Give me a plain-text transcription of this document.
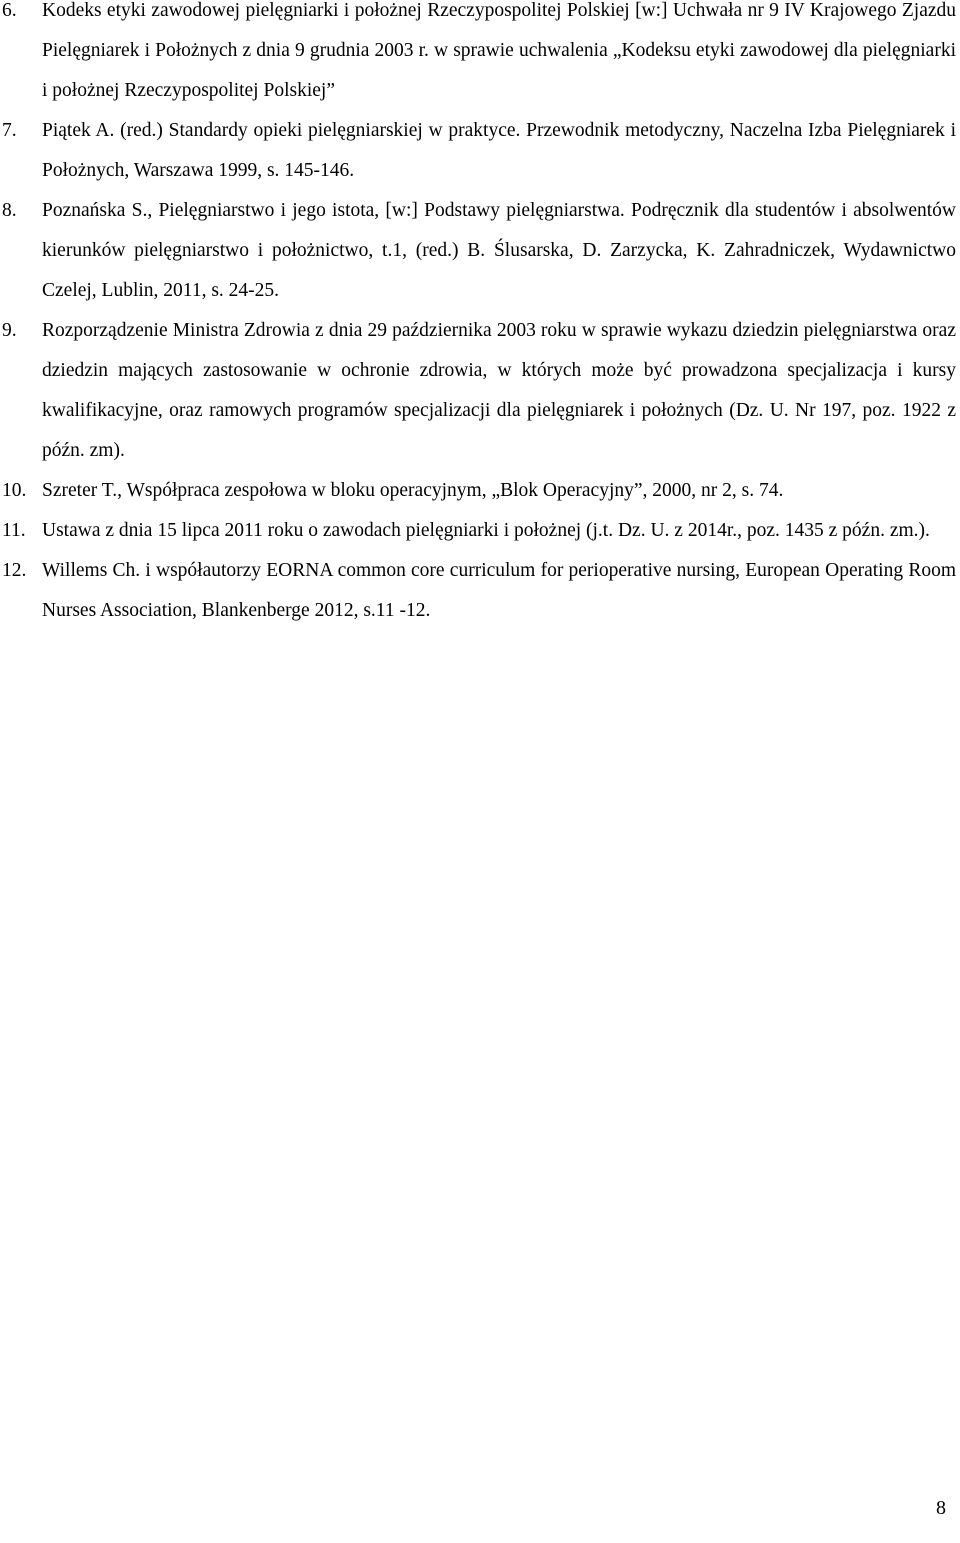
6. Kodeks etyki zawodowej pielęgniarki i położnej Rzeczypospolitej Polskiej [w:] Uchwała nr 9 IV Krajowego Zjazdu Pielęgniarek i Położnych z dnia 9 grudnia 2003 r. w sprawie uchwalenia „Kodeksu etyki zawodowej dla pielęgniarki i położnej Rzeczypospolitej Polskiej”
7. Piątek A. (red.) Standardy opieki pielęgniarskiej w praktyce. Przewodnik metodyczny, Naczelna Izba Pielęgniarek i Położnych, Warszawa 1999, s. 145-146.
8. Poznańska S., Pielęgniarstwo i jego istota, [w:] Podstawy pielęgniarstwa. Podręcznik dla studentów i absolwentów kierunków pielęgniarstwo i położnictwo, t.1, (red.) B. Ślusarska, D. Zarzycka, K. Zahradniczek, Wydawnictwo Czelej, Lublin, 2011, s. 24-25.
9. Rozporządzenie Ministra Zdrowia z dnia 29 października 2003 roku w sprawie wykazu dziedzin pielęgniarstwa oraz dziedzin mających zastosowanie w ochronie zdrowia, w których może być prowadzona specjalizacja i kursy kwalifikacyjne, oraz ramowych programów specjalizacji dla pielęgniarek i położnych (Dz. U. Nr 197, poz. 1922 z późn. zm).
10. Szreter T., Współpraca zespołowa w bloku operacyjnym, „Blok Operacyjny”, 2000, nr 2, s. 74.
11. Ustawa z dnia 15 lipca 2011 roku o zawodach pielęgniarki i położnej (j.t. Dz. U. z 2014r., poz. 1435 z późn. zm.).
12. Willems Ch. i współautorzy EORNA common core curriculum for perioperative nursing, European Operating Room Nurses Association, Blankenberge 2012, s.11 -12.
8
